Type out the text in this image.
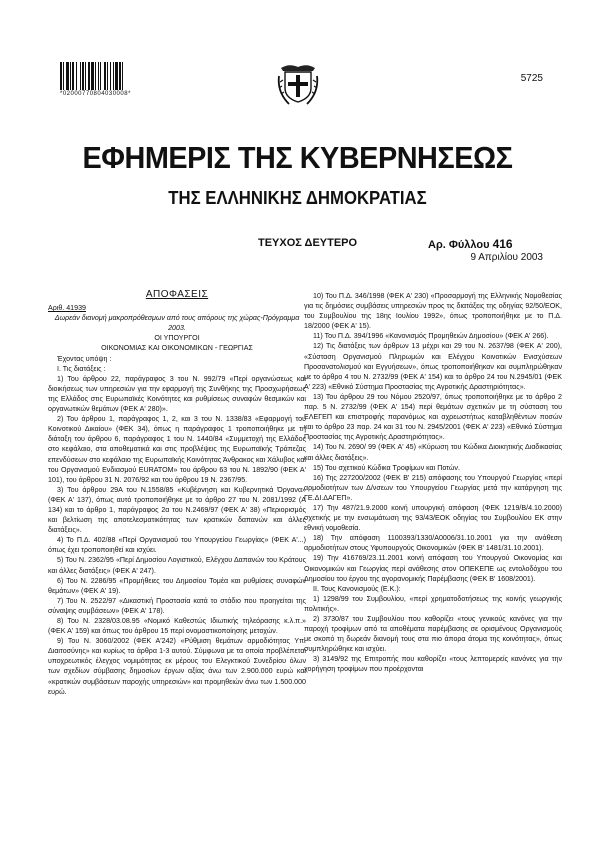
*02000770804030008*
5725
ΕΦΗΜΕΡΙΣ ΤΗΣ ΚΥΒΕΡΝΗΣΕΩΣ
ΤΗΣ ΕΛΛΗΝΙΚΗΣ ΔΗΜΟΚΡΑΤΙΑΣ
ΤΕΥΧΟΣ ΔΕΥΤΕΡΟ	Αρ. Φύλλου 416
9 Απριλίου 2003

ΑΠΟΦΑΣΕΙΣ

Αριθ. 41939

Δωρεάν διανομή μακροπρόθεσμων από τους απόρους της χώρας-Πρόγραμμα 2003.

ΟΙ ΥΠΟΥΡΓΟΙ

ΟΙΚΟΝΟΜΙΑΣ ΚΑΙ ΟΙΚΟΝΟΜΙΚΩΝ - ΓΕΩΡΓΙΑΣ

Έχοντας υπόψη :

Ι. Τις διατάξεις :

1) Του άρθρου 22, παράγραφος 3 του Ν. 992/79 «Περί οργανώσεως και διοικήσεως των υπηρεσιών για την εφαρμογή της Συνθήκης της Προσχωρήσεως της Ελλάδος στις Ευρωπαϊκές Κοινότητες και ρυθμίσεως συναφών θεσμικών και οργανωτικών θεμάτων (ΦΕΚ Α' 280)».

2) Του άρθρου 1, παράγραφος 1, 2, και 3 του Ν. 1338/83 «Εφαρμογή του Κοινοτικού Δικαίου» (ΦΕΚ 34), όπως η παράγραφος 1 τροποποιήθηκε με τη διάταξη του άρθρου 6, παράγραφος 1 του Ν. 1440/84 «Συμμετοχή της Ελλάδος στο κεφάλαιο, στα αποθεματικά και στις προβλέψεις της Ευρωπαϊκής Τράπεζας επενδύσεων στο κεφάλαιο της Ευρωπαϊκής Κοινότητας Άνθρακος και Χάλυβος και του Οργανισμού Ενδιασμού EURATOM» του άρθρου 63 του Ν. 1892/90 (ΦΕΚ Α' 101), του άρθρου 31 Ν. 2076/92 και του άρθρου 19 Ν. 2367/95.

3) Του άρθρου 29Α του Ν.1558/85 «Κυβέρνηση και Κυβερνητικά Όργανα» (ΦΕΚ Α' 137), όπως αυτό τροποποιήθηκε με το άρθρο 27 του Ν. 2081/1992 (Α 134) και το άρθρο 1, παράγραφος 2α του Ν.2469/97 (ΦΕΚ Α' 38) «Περιορισμός και βελτίωση της αποτελεσματικότητας των κρατικών δαπανών και άλλες διατάξεις».

4) Το Π.Δ. 402/88 «Περί Οργανισμού του Υπουργείου Γεωργίας» (ΦΕΚ Α'...) όπως έχει τροποποιηθεί και ισχύει.

5) Του Ν. 2362/95 «Περί Δημοσίου Λογιστικού, Ελέγχου Δαπανών του Κράτους και άλλες διατάξεις» (ΦΕΚ Α' 247).

6) Του Ν. 2286/95 «Προμήθειες του Δημοσίου Τομέα και ρυθμίσεις συναφών θεμάτων» (ΦΕΚ Α' 19).

7) Του Ν. 2522/97 «Δικαστική Προστασία κατά το στάδιο που προηγείται της σύναψης συμβάσεων» (ΦΕΚ Α' 178).

8) Του Ν. 2328/03.08.95 «Νομικό Καθεστώς Ιδιωτικής τηλεόρασης κ.λ.π.» (ΦΕΚ Α' 159) και όπως του άρθρου 15 περί ονομαστικοποίησης μετοχών.

9) Του Ν. 3060/2002 (ΦΕΚ Α'242) «Ρύθμιση θεμάτων αρμοδιότητας Υπ. Διαιτοσύνης» και κυρίως τα άρθρα 1-3 αυτού. Σύμφωνα με τα οποία προβλέπεται υποχρεωτικός έλεγχος νομιμότητας εκ μέρους του Ελεγκτικού Συνεδρίου όλων των σχεδίων σύμβασης δημοσίων έργων αξίας άνω των 2.900.000 ευρώ και «κρατικών συμβάσεων παροχής υπηρεσιών» και προμηθειών άνω των 1.500.000 ευρώ.

10) Του Π.Δ. 346/1998 (ΦΕΚ Α' 230) «Προσαρμογή της Ελληνικής Νομοθεσίας για τις δημόσιες συμβάσεις υπηρεσιών προς τις διατάξεις της οδηγίας 92/50/ΕΟΚ, του Συμβουλίου της 18ης Ιουλίου 1992», όπως τροποποιήθηκε με το Π.Δ. 18/2000 (ΦΕΚ Α' 15).

11) Του Π.Δ. 394/1996 «Κανονισμός Προμηθειών Δημοσίου» (ΦΕΚ Α' 266).

12) Τις διατάξεις των άρθρων 13 μέχρι και 29 του Ν. 2637/98 (ΦΕΚ Α' 200), «Σύσταση Οργανισμού Πληρωμών και Ελέγχου Κοινοτικών Ενισχύσεων Προσανατολισμού και Εγγυήσεων», όπως τροποποιήθηκαν και συμπληρώθηκαν με το άρθρο 4 του Ν. 2732/99 (ΦΕΚ Α' 154) και το άρθρο 24 του Ν.2945/01 (ΦΕΚ Α' 223) «Εθνικό Σύστημα Προστασίας της Αγροτικής Δραστηριότητας».

13) Του άρθρου 29 του Νόμου 2520/97, όπως τροποποιήθηκε με το άρθρο 2 παρ. 5 Ν. 2732/99 (ΦΕΚ Α' 154) περί θεμάτων σχετικών με τη σύσταση του ΕΛΕΓΕΠ και επιστροφής παρανόμως και αχρεωστήτως καταβληθέντων ποσών και το άρθρο 23 παρ. 24 και 31 του Ν. 2945/2001 (ΦΕΚ Α' 223) «Εθνικό Σύστημα Προστασίας της Αγροτικής Δραστηριότητας».

14) Του Ν. 2690/ 99 (ΦΕΚ Α' 45) «Κύρωση του Κώδικα Διοικητικής Διαδικασίας και άλλες διατάξεις».

15) Του σχετικού Κώδικα Τροφίμων και Ποτών.

16) Της 227200/2002 (ΦΕΚ Β' 215) απόφασης του Υπουργού Γεωργίας «περί αρμοδιοτήτων των Δ/νσεων του Υπουργείου Γεωργίας μετά την κατάργηση της ΓΕ.ΔΙ.ΔΑΓΕΠ».

17) Την 487/21.9.2000 κοινή υπουργική απόφαση (ΦΕΚ 1219/Β/4.10.2000) σχετικής με την ενσωμάτωση της 93/43/ΕΟΚ οδηγίας του Συμβουλίου ΕΚ στην εθνική νομοθεσία.

18) Την απόφαση 1100393/1330/Α0006/31.10.2001 για την ανάθεση αρμοδιοτήτων στους Υφυπουργούς Οικονομικών (ΦΕΚ Β' 1481/31.10.2001).

19) Την 416769/23.11.2001 κοινή απόφαση του Υπουργού Οικονομίας και Οικονομικών και Γεωργίας περί ανάθεσης στον ΟΠΕΚΕΠΕ ως εντολοδόχου του Δημοσίου του έργου της αγορανομικής Παρέμβασης (ΦΕΚ Β' 1608/2001).

ΙΙ. Τους Κανονισμούς (Ε.Κ.):

1) 1298/99 του Συμβουλίου, «περί χρηματοδοτήσεως της κοινής γεωργικής πολιτικής».

2) 3730/87 του Συμβουλίου που καθορίζει «τους γενικούς κανόνες για την παροχή τροφίμων από τα αποθέματα παρέμβασης σε ορισμένους Οργανισμούς με σκοπό τη δωρεάν διανομή τους στα πιο άπορα άτομα της κοινότητας», όπως συμπληρώθηκε και ισχύει.

3) 3149/92 της Επιτροπής που καθορίζει «τους λεπτομερείς κανόνες για την χορήγηση τροφίμων που προέρχονται
